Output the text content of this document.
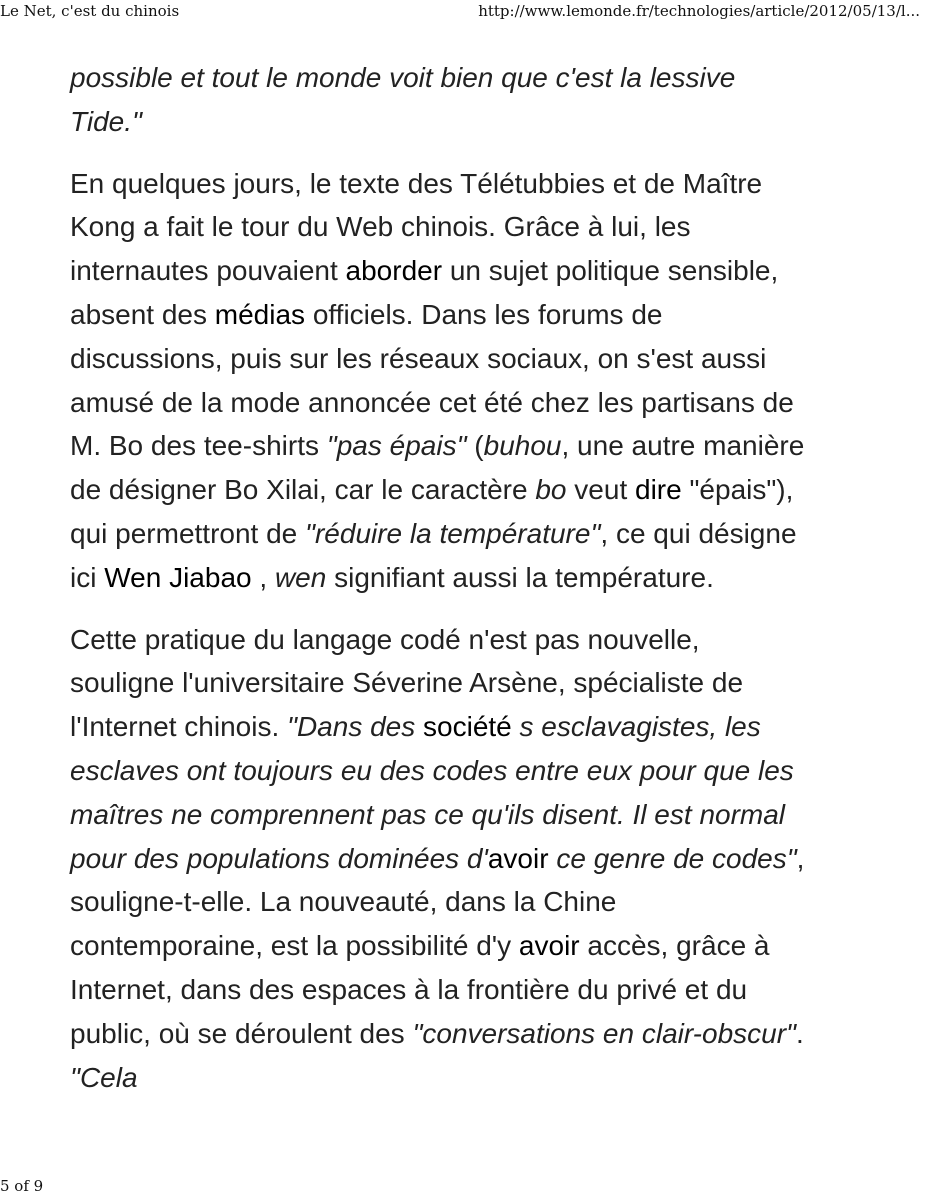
Le Net, c'est du chinois	http://www.lemonde.fr/technologies/article/2012/05/13/l...

possible et tout le monde voit bien que c'est la lessive Tide."

En quelques jours, le texte des Télétubbies et de Maître Kong a fait le tour du Web chinois. Grâce à lui, les internautes pouvaient aborder un sujet politique sensible, absent des médias officiels. Dans les forums de discussions, puis sur les réseaux sociaux, on s'est aussi amusé de la mode annoncée cet été chez les partisans de M. Bo des tee-shirts "pas épais" (buhou, une autre manière de désigner Bo Xilai, car le caractère bo veut dire "épais"), qui permettront de "réduire la température", ce qui désigne ici Wen Jiabao , wen signifiant aussi la température.

Cette pratique du langage codé n'est pas nouvelle, souligne l'universitaire Séverine Arsène, spécialiste de l'Internet chinois. "Dans des société s esclavagistes, les esclaves ont toujours eu des codes entre eux pour que les maîtres ne comprennent pas ce qu'ils disent. Il est normal pour des populations dominées d'avoir ce genre de codes", souligne-t-elle. La nouveauté, dans la Chine contemporaine, est la possibilité d'y avoir accès, grâce à Internet, dans des espaces à la frontière du privé et du public, où se déroulent des "conversations en clair-obscur". "Cela

5 of 9
